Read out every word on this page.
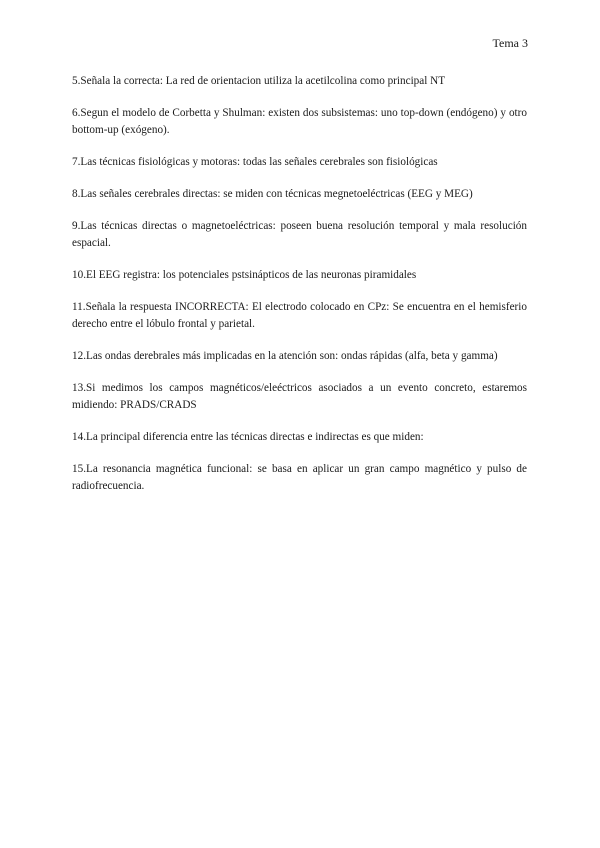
Tema 3

5.Señala la correcta: La red de orientacion utiliza la acetilcolina como principal NT

6.Segun el modelo de Corbetta y Shulman: existen dos subsistemas: uno top-down (endógeno) y otro bottom-up (exógeno).

7.Las técnicas fisiológicas y motoras: todas las señales cerebrales son fisiológicas

8.Las señales cerebrales directas: se miden con técnicas megnetoeléctricas (EEG y MEG)

9.Las técnicas directas o magnetoeléctricas: poseen buena resolución temporal y mala resolución espacial.

10.El EEG registra: los potenciales pstsinápticos de las neuronas piramidales

11.Señala la respuesta INCORRECTA: El electrodo colocado en CPz: Se encuentra en el hemisferio derecho entre el lóbulo frontal y parietal.

12.Las ondas derebrales más implicadas en la atención son: ondas rápidas (alfa, beta y gamma)

13.Si medimos los campos magnéticos/eleéctricos asociados a un evento concreto, estaremos midiendo: PRADS/CRADS

14.La principal diferencia entre las técnicas directas e indirectas es que miden:

15.La resonancia magnética funcional: se basa en aplicar un gran campo magnético y pulso de radiofrecuencia.
